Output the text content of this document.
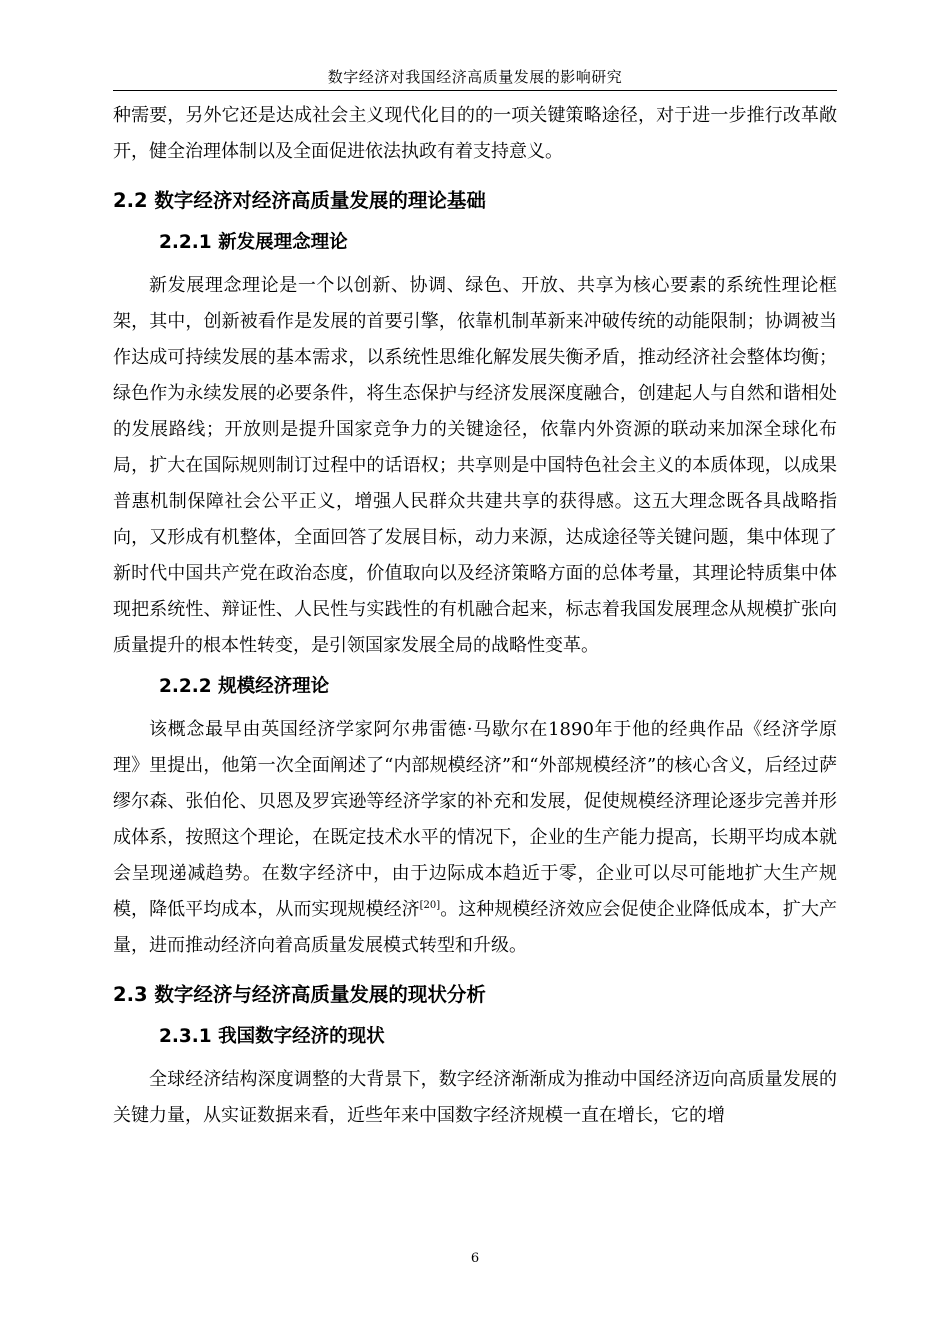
数字经济对我国经济高质量发展的影响研究

种需要，另外它还是达成社会主义现代化目的的一项关键策略途径，对于进一步推行改革敞开，健全治理体制以及全面促进依法执政有着支持意义。

2.2 数字经济对经济高质量发展的理论基础
2.2.1 新发展理念理论

新发展理念理论是一个以创新、协调、绿色、开放、共享为核心要素的系统性理论框架，其中，创新被看作是发展的首要引擎，依靠机制革新来冲破传统的动能限制；协调被当作达成可持续发展的基本需求，以系统性思维化解发展失衡矛盾，推动经济社会整体均衡；绿色作为永续发展的必要条件，将生态保护与经济发展深度融合，创建起人与自然和谐相处的发展路线；开放则是提升国家竞争力的关键途径，依靠内外资源的联动来加深全球化布局，扩大在国际规则制订过程中的话语权；共享则是中国特色社会主义的本质体现，以成果普惠机制保障社会公平正义，增强人民群众共建共享的获得感。这五大理念既各具战略指向，又形成有机整体，全面回答了发展目标，动力来源，达成途径等关键问题，集中体现了新时代中国共产党在政治态度，价值取向以及经济策略方面的总体考量，其理论特质集中体现把系统性、辩证性、人民性与实践性的有机融合起来，标志着我国发展理念从规模扩张向质量提升的根本性转变，是引领国家发展全局的战略性变革。

2.2.2 规模经济理论

该概念最早由英国经济学家阿尔弗雷德·马歇尔在1890年于他的经典作品《经济学原理》里提出，他第一次全面阐述了“内部规模经济”和“外部规模经济”的核心含义，后经过萨缪尔森、张伯伦、贝恩及罗宾逊等经济学家的补充和发展，促使规模经济理论逐步完善并形成体系，按照这个理论，在既定技术水平的情况下，企业的生产能力提高，长期平均成本就会呈现递减趋势。在数字经济中，由于边际成本趋近于零，企业可以尽可能地扩大生产规模，降低平均成本，从而实现规模经济[20]。这种规模经济效应会促使企业降低成本，扩大产量，进而推动经济向着高质量发展模式转型和升级。

2.3 数字经济与经济高质量发展的现状分析
2.3.1 我国数字经济的现状

全球经济结构深度调整的大背景下，数字经济渐渐成为推动中国经济迈向高质量发展的关键力量，从实证数据来看，近些年来中国数字经济规模一直在增长，它的增

6
